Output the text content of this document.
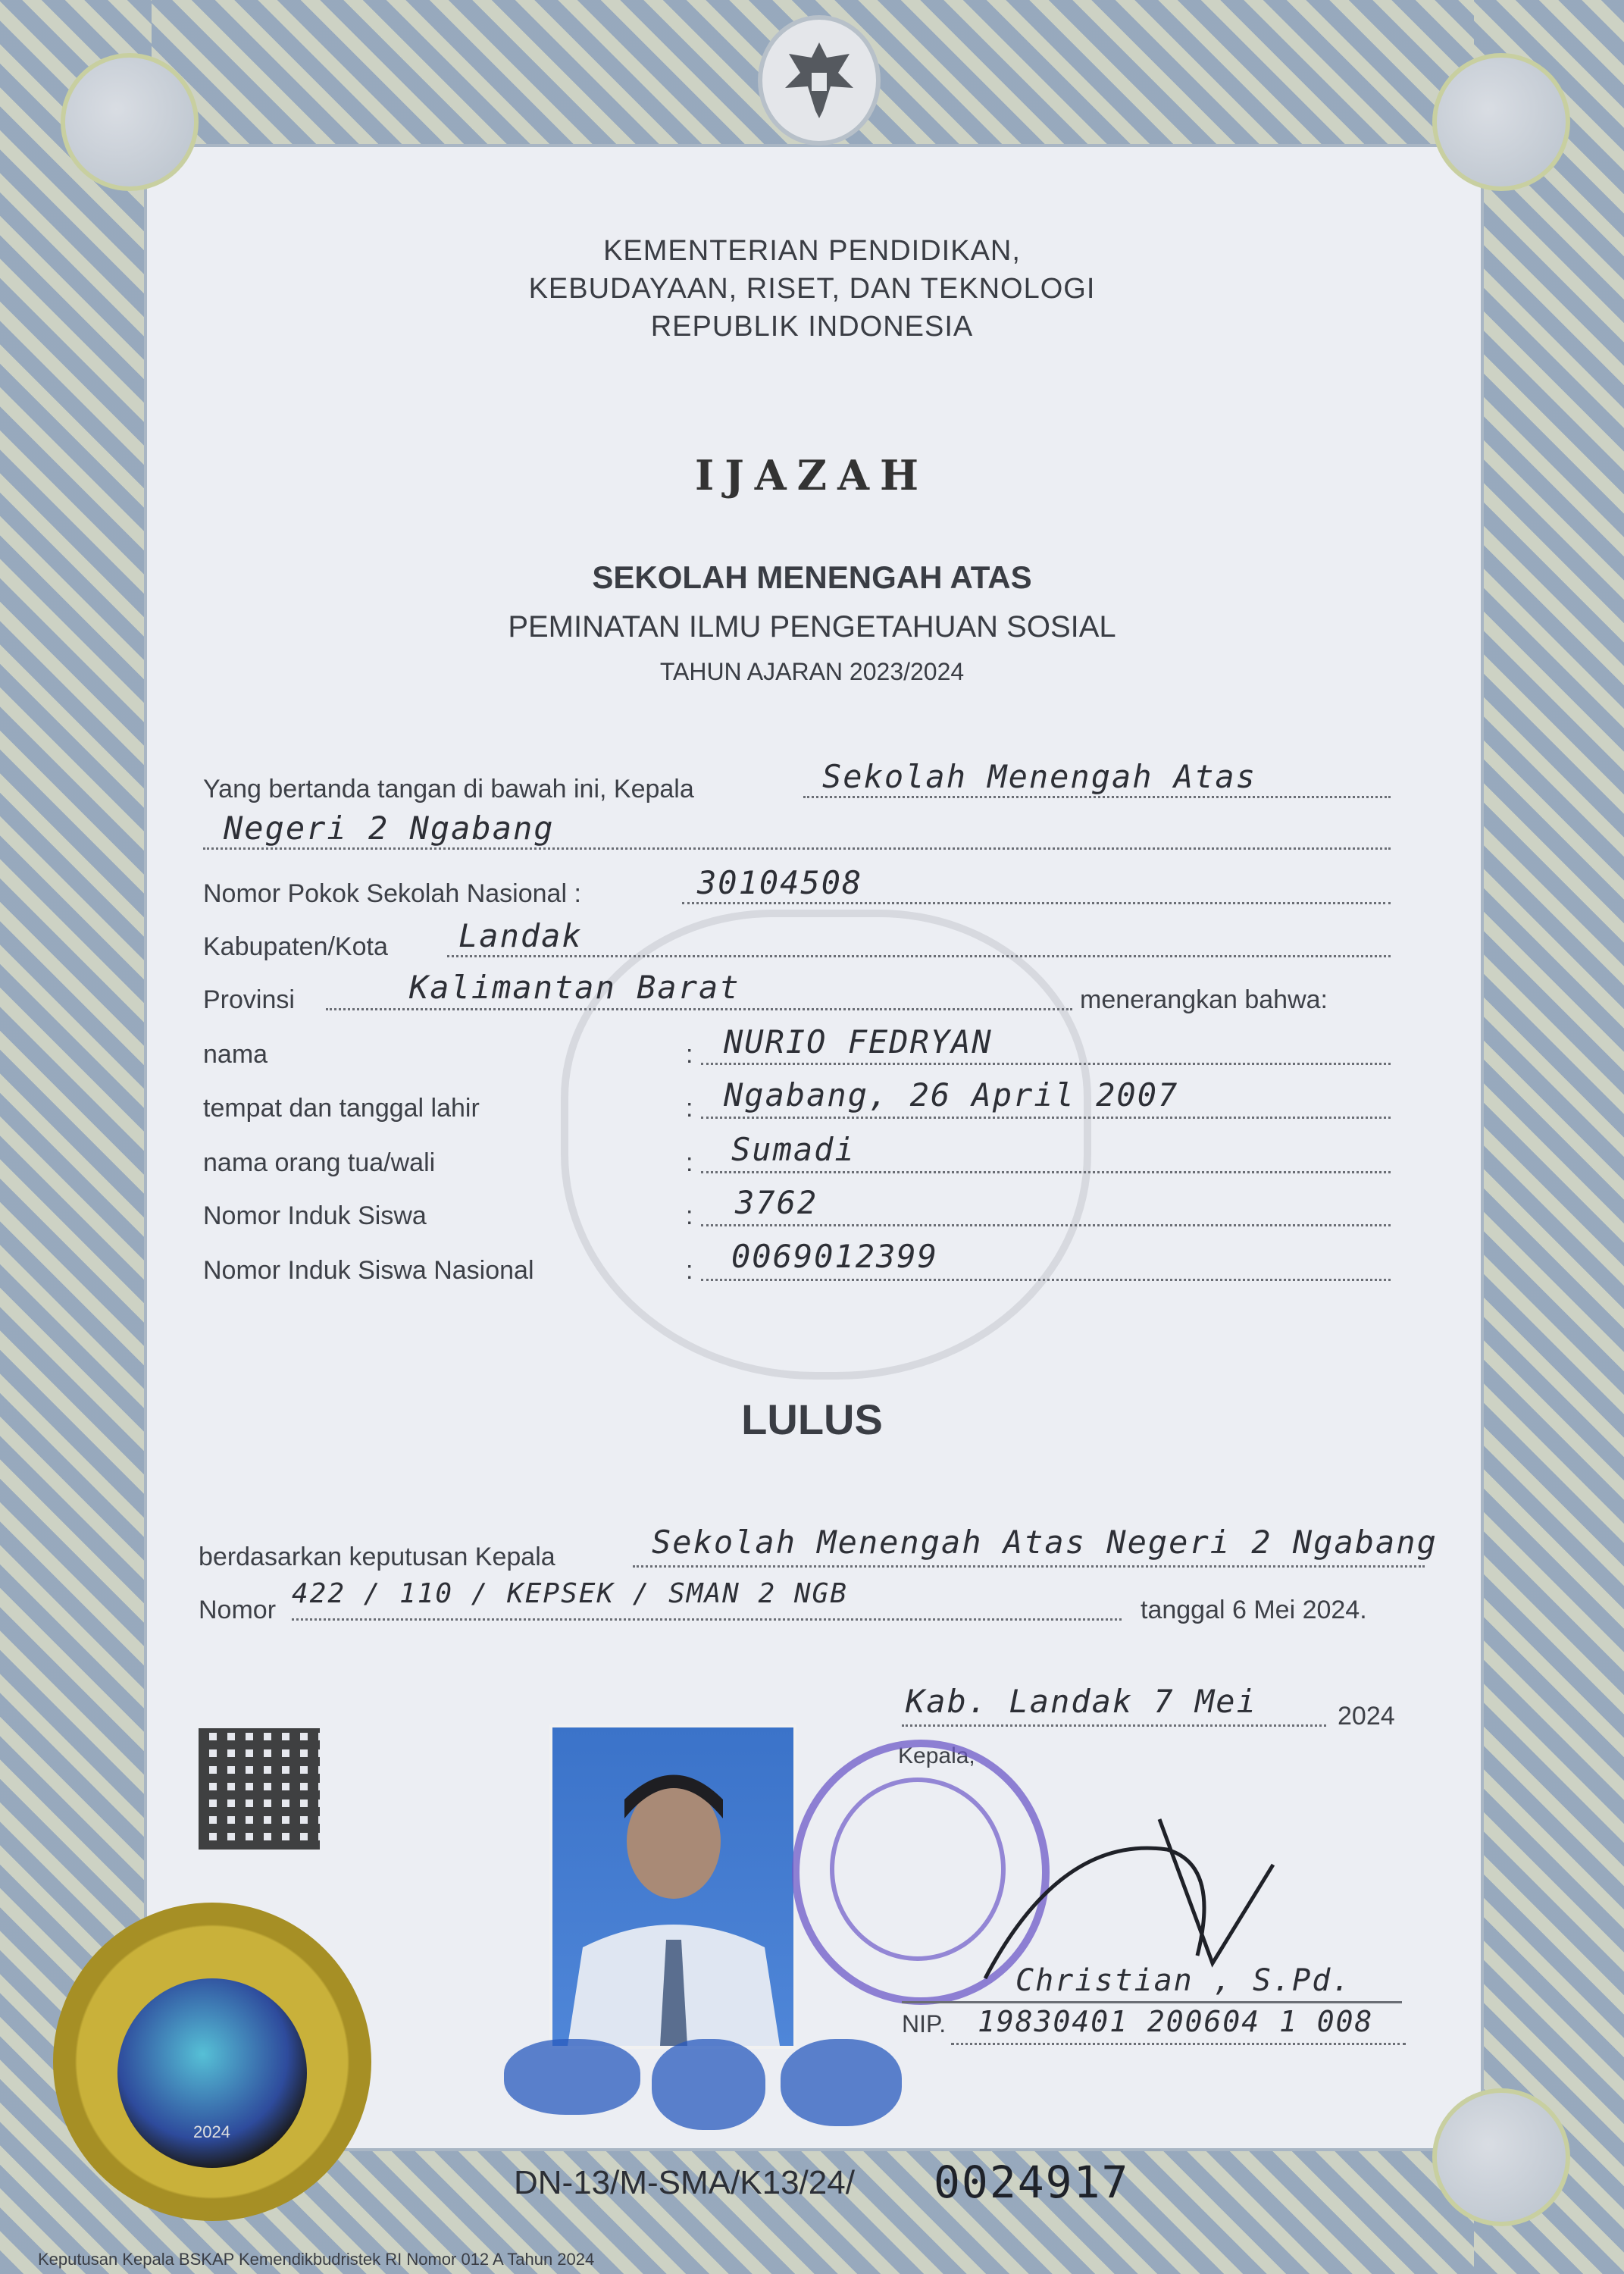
KEMENTERIAN PENDIDIKAN,
KEBUDAYAAN, RISET, DAN TEKNOLOGI
REPUBLIK INDONESIA
IJAZAH
SEKOLAH MENENGAH ATAS
PEMINATAN ILMU PENGETAHUAN SOSIAL
TAHUN AJARAN 2023/2024
Yang bertanda tangan di bawah ini, Kepala	Sekolah Menengah Atas
Negeri 2 Ngabang
Nomor Pokok Sekolah Nasional :	30104508
Kabupaten/Kota Landak
Provinsi	Kalimantan Barat	menerangkan bahwa:
nama	: NURIO FEDRYAN
tempat dan tanggal lahir	: Ngabang, 26 April 2007
nama orang tua/wali	: Sumadi
Nomor Induk Siswa	: 3762
Nomor Induk Siswa Nasional	: 0069012399
LULUS
berdasarkan keputusan Kepala	Sekolah Menengah Atas Negeri 2 Ngabang
Nomor
422 / 110 / KEPSEK / SMAN 2 NGB
tanggal 6 Mei 2024.
Kab. Landak 7 Mei	2024
Kepala,
Christian , S.Pd.
NIP. 19830401 200604 1 008
2024
DN-13/M-SMA/K13/24/ 0024917
Keputusan Kepala BSKAP Kemendikbudristek RI Nomor 012 A Tahun 2024
